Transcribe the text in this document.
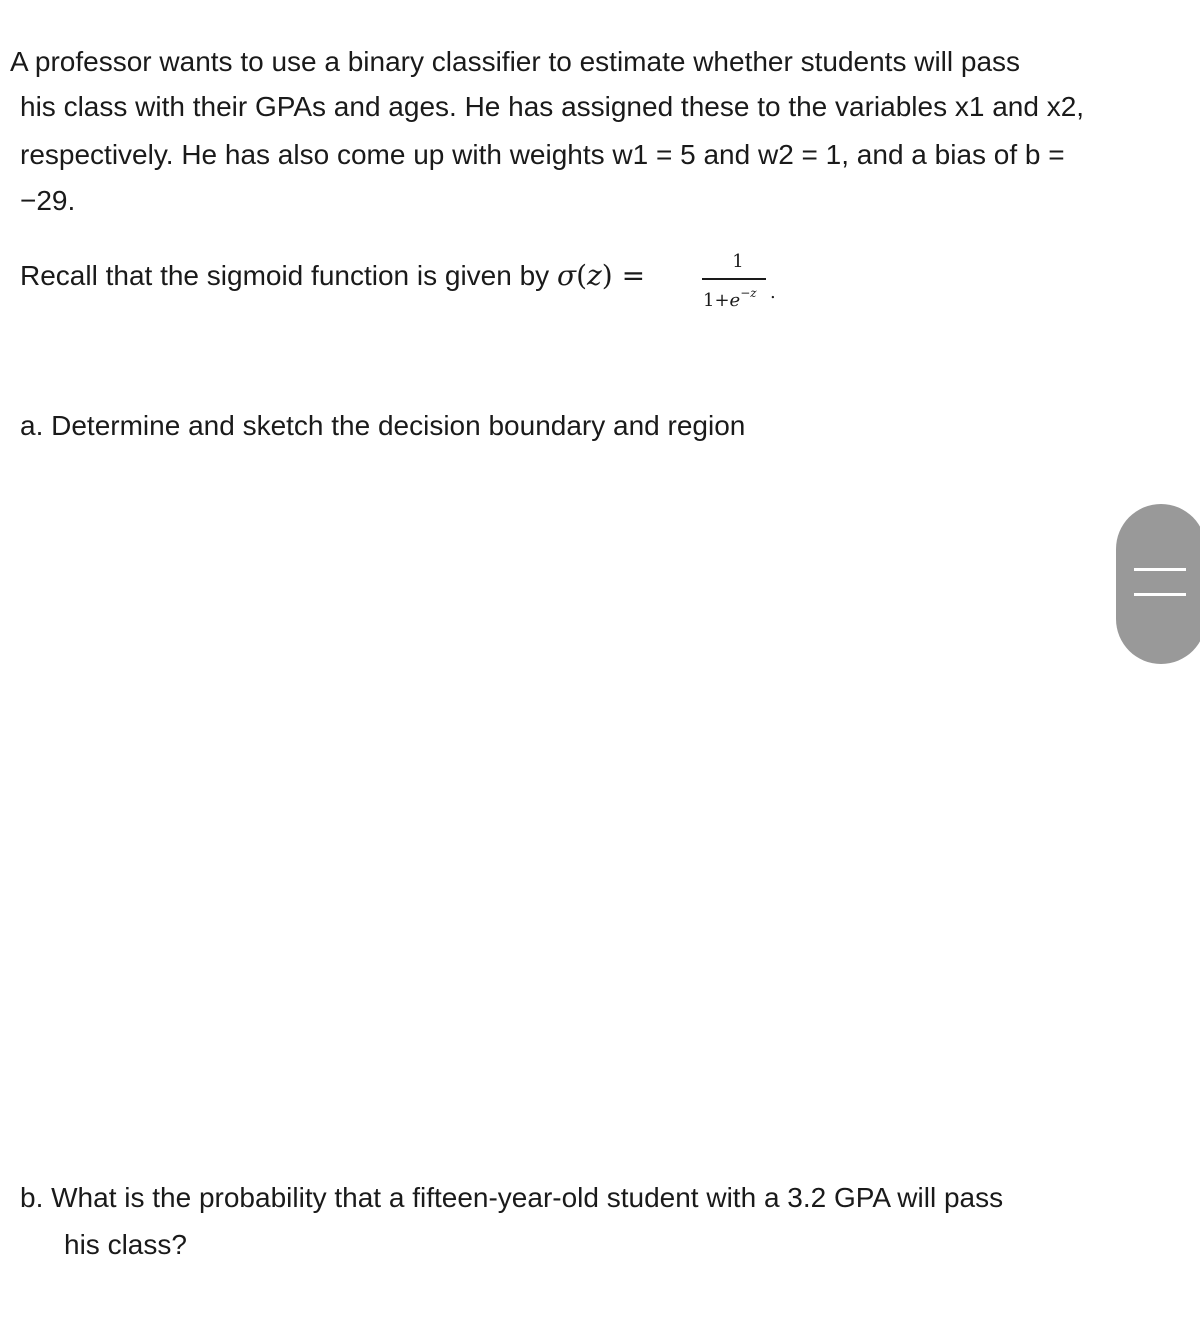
A professor wants to use a binary classifier to estimate whether students will pass
his class with their GPAs and ages. He has assigned these to the variables x1 and x2,
respectively. He has also come up with weights w1 = 5 and w2 = 1, and a bias of b =
−29.
Recall that the sigmoid function is given by σ(z) =	1
$1+e^{-z}$ .
a. Determine and sketch the decision boundary and region
b. What is the probability that a fifteen-year-old student with a 3.2 GPA will pass
his class?
